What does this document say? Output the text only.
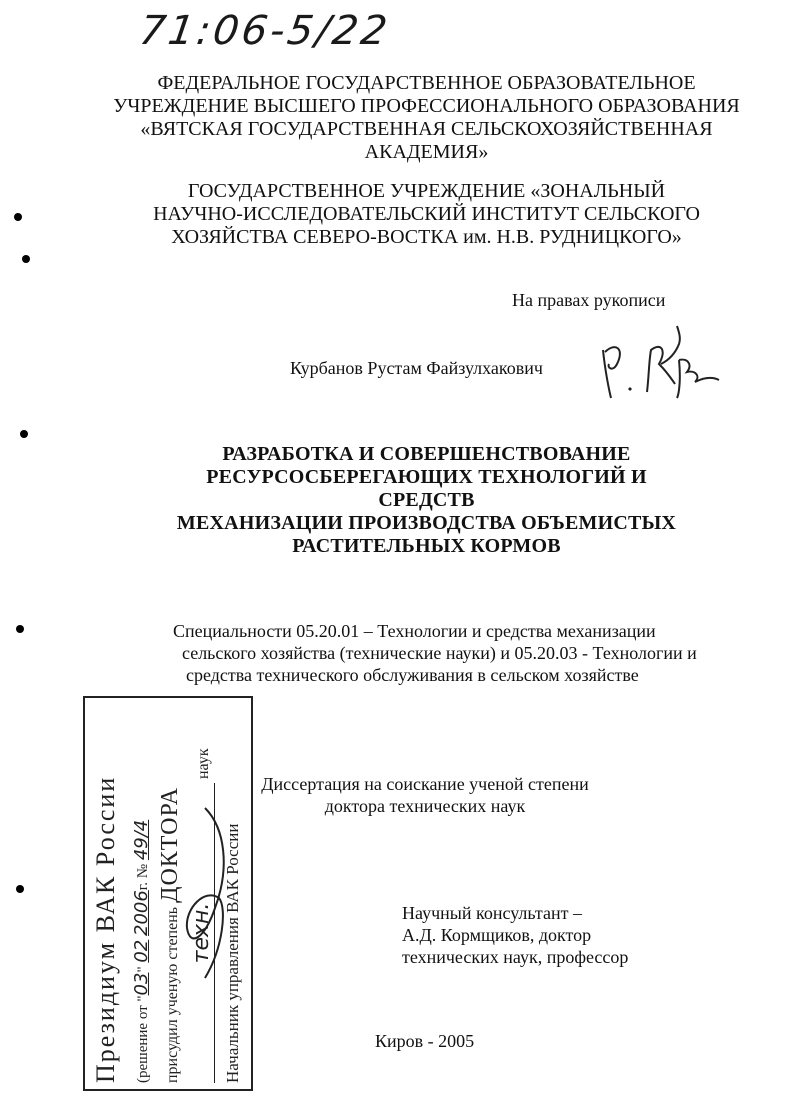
71:06-5/22
ФЕДЕРАЛЬНОЕ ГОСУДАРСТВЕННОЕ ОБРАЗОВАТЕЛЬНОЕ
УЧРЕЖДЕНИЕ ВЫСШЕГО ПРОФЕССИОНАЛЬНОГО ОБРАЗОВАНИЯ
«ВЯТСКАЯ ГОСУДАРСТВЕННАЯ СЕЛЬСКОХОЗЯЙСТВЕННАЯ
АКАДЕМИЯ»
ГОСУДАРСТВЕННОЕ УЧРЕЖДЕНИЕ «ЗОНАЛЬНЫЙ
НАУЧНО-ИССЛЕДОВАТЕЛЬСКИЙ ИНСТИТУТ СЕЛЬСКОГО
ХОЗЯЙСТВА СЕВЕРО-ВОСТКА им. Н.В. РУДНИЦКОГО»
На правах рукописи
Курбанов Рустам Файзулхакович
РАЗРАБОТКА И СОВЕРШЕНСТВОВАНИЕ
РЕСУРСОСБЕРЕГАЮЩИХ ТЕХНОЛОГИЙ И СРЕДСТВ
МЕХАНИЗАЦИИ ПРОИЗВОДСТВА ОБЪЕМИСТЫХ
РАСТИТЕЛЬНЫХ КОРМОВ
Специальности 05.20.01 – Технологии и средства механизации
сельского хозяйства (технические науки) и 05.20.03 - Технологии и
средства технического обслуживания в сельском хозяйстве
Диссертация на соискание ученой степени
доктора технических наук
Научный консультант –
А.Д. Кормщиков, доктор
технических наук, профессор
Киров - 2005
Президиум ВАК России (решение от "03" 02 2006г. № 49/4
присудил ученую степень ДОКТОРА
техн. наук
Начальник управления ВАК России
